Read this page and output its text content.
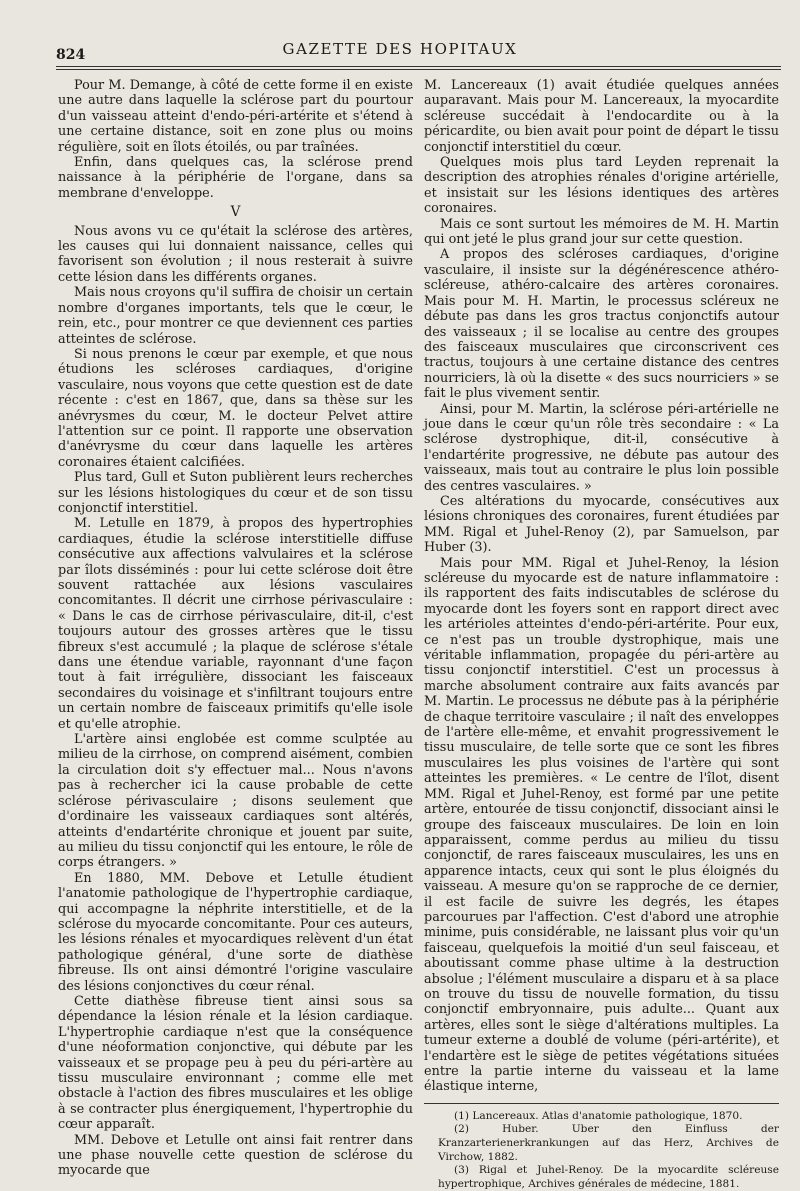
824	GAZETTE DES HOPITAUX

Pour M. Demange, à côté de cette forme il en existe une autre dans laquelle la sclérose part du pourtour d'un vaisseau atteint d'endo-péri-artérite et s'étend à une certaine distance, soit en zone plus ou moins régulière, soit en îlots étoilés, ou par traînées.

Enfin, dans quelques cas, la sclérose prend naissance à la périphérie de l'organe, dans sa membrane d'enveloppe.

V

Nous avons vu ce qu'était la sclérose des artères, les causes qui lui donnaient naissance, celles qui favorisent son évolution ; il nous resterait à suivre cette lésion dans les différents organes.

Mais nous croyons qu'il suffira de choisir un certain nombre d'organes importants, tels que le cœur, le rein, etc., pour montrer ce que deviennent ces parties atteintes de sclérose.

Si nous prenons le cœur par exemple, et que nous étudions les scléroses cardiaques, d'origine vasculaire, nous voyons que cette question est de date récente : c'est en 1867, que, dans sa thèse sur les anévrysmes du cœur, M. le docteur Pelvet attire l'attention sur ce point. Il rapporte une observation d'anévrysme du cœur dans laquelle les artères coronaires étaient calcifiées.

Plus tard, Gull et Suton publièrent leurs recherches sur les lésions histologiques du cœur et de son tissu conjonctif interstitiel.

M. Letulle en 1879, à propos des hypertrophies cardiaques, étudie la sclérose interstitielle diffuse consécutive aux affections valvulaires et la sclérose par îlots disséminés : pour lui cette sclérose doit être souvent rattachée aux lésions vasculaires concomitantes. Il décrit une cirrhose périvasculaire : « Dans le cas de cirrhose périvasculaire, dit-il, c'est toujours autour des grosses artères que le tissu fibreux s'est accumulé ; la plaque de sclérose s'étale dans une étendue variable, rayonnant d'une façon tout à fait irrégulière, dissociant les faisceaux secondaires du voisinage et s'infiltrant toujours entre un certain nombre de faisceaux primitifs qu'elle isole et qu'elle atrophie.

L'artère ainsi englobée est comme sculptée au milieu de la cirrhose, on comprend aisément, combien la circulation doit s'y effectuer mal... Nous n'avons pas à rechercher ici la cause probable de cette sclérose périvasculaire ; disons seulement que d'ordinaire les vaisseaux cardiaques sont altérés, atteints d'endartérite chronique et jouent par suite, au milieu du tissu conjonctif qui les entoure, le rôle de corps étrangers. »

En 1880, MM. Debove et Letulle étudient l'anatomie pathologique de l'hypertrophie cardiaque, qui accompagne la néphrite interstitielle, et de la sclérose du myocarde concomitante. Pour ces auteurs, les lésions rénales et myocardiques relèvent d'un état pathologique général, d'une sorte de diathèse fibreuse. Ils ont ainsi démontré l'origine vasculaire des lésions conjonctives du cœur rénal.

Cette diathèse fibreuse tient ainsi sous sa dépendance la lésion rénale et la lésion cardiaque. L'hypertrophie cardiaque n'est que la conséquence d'une néoformation conjonctive, qui débute par les vaisseaux et se propage peu à peu du péri-artère au tissu musculaire environnant ; comme elle met obstacle à l'action des fibres musculaires et les oblige à se contracter plus énergiquement, l'hypertrophie du cœur apparaît.

MM. Debove et Letulle ont ainsi fait rentrer dans une phase nouvelle cette question de sclérose du myocarde que

M. Lancereaux (1) avait étudiée quelques années auparavant. Mais pour M. Lancereaux, la myocardite scléreuse succédait à l'endocardite ou à la péricardite, ou bien avait pour point de départ le tissu conjonctif interstitiel du cœur.

Quelques mois plus tard Leyden reprenait la description des atrophies rénales d'origine artérielle, et insistait sur les lésions identiques des artères coronaires.

Mais ce sont surtout les mémoires de M. H. Martin qui ont jeté le plus grand jour sur cette question.

A propos des scléroses cardiaques, d'origine vasculaire, il insiste sur la dégénérescence athéro-scléreuse, athéro-calcaire des artères coronaires. Mais pour M. H. Martin, le processus scléreux ne débute pas dans les gros tractus conjonctifs autour des vaisseaux ; il se localise au centre des groupes des faisceaux musculaires que circonscrivent ces tractus, toujours à une certaine distance des centres nourriciers, là où la disette « des sucs nourriciers » se fait le plus vivement sentir.

Ainsi, pour M. Martin, la sclérose péri-artérielle ne joue dans le cœur qu'un rôle très secondaire : « La sclérose dystrophique, dit-il, consécutive à l'endartérite progressive, ne débute pas autour des vaisseaux, mais tout au contraire le plus loin possible des centres vasculaires. »

Ces altérations du myocarde, consécutives aux lésions chroniques des coronaires, furent étudiées par MM. Rigal et Juhel-Renoy (2), par Samuelson, par Huber (3).

Mais pour MM. Rigal et Juhel-Renoy, la lésion scléreuse du myocarde est de nature inflammatoire : ils rapportent des faits indiscutables de sclérose du myocarde dont les foyers sont en rapport direct avec les artérioles atteintes d'endo-péri-artérite. Pour eux, ce n'est pas un trouble dystrophique, mais une véritable inflammation, propagée du péri-artère au tissu conjonctif interstitiel. C'est un processus à marche absolument contraire aux faits avancés par M. Martin. Le processus ne débute pas à la périphérie de chaque territoire vasculaire ; il naît des enveloppes de l'artère elle-même, et envahit progressivement le tissu musculaire, de telle sorte que ce sont les fibres musculaires les plus voisines de l'artère qui sont atteintes les premières. « Le centre de l'îlot, disent MM. Rigal et Juhel-Renoy, est formé par une petite artère, entourée de tissu conjonctif, dissociant ainsi le groupe des faisceaux musculaires. De loin en loin apparaissent, comme perdus au milieu du tissu conjonctif, de rares faisceaux musculaires, les uns en apparence intacts, ceux qui sont le plus éloignés du vaisseau. A mesure qu'on se rapproche de ce dernier, il est facile de suivre les degrés, les étapes parcourues par l'affection. C'est d'abord une atrophie minime, puis considérable, ne laissant plus voir qu'un faisceau, quelquefois la moitié d'un seul faisceau, et aboutissant comme phase ultime à la destruction absolue ; l'élément musculaire a disparu et à sa place on trouve du tissu de nouvelle formation, du tissu conjonctif embryonnaire, puis adulte... Quant aux artères, elles sont le siège d'altérations multiples. La tumeur externe a doublé de volume (péri-artérite), et l'endartère est le siège de petites végétations situées entre la partie interne du vaisseau et la lame élastique interne,

(1) Lancereaux. Atlas d'anatomie pathologique, 1870.

(2) Huber. Uber den Einfluss der Kranzarterienerkrankungen auf das Herz, Archives de Virchow, 1882.

(3) Rigal et Juhel-Renoy. De la myocardite scléreuse hypertrophique, Archives générales de médecine, 1881.
